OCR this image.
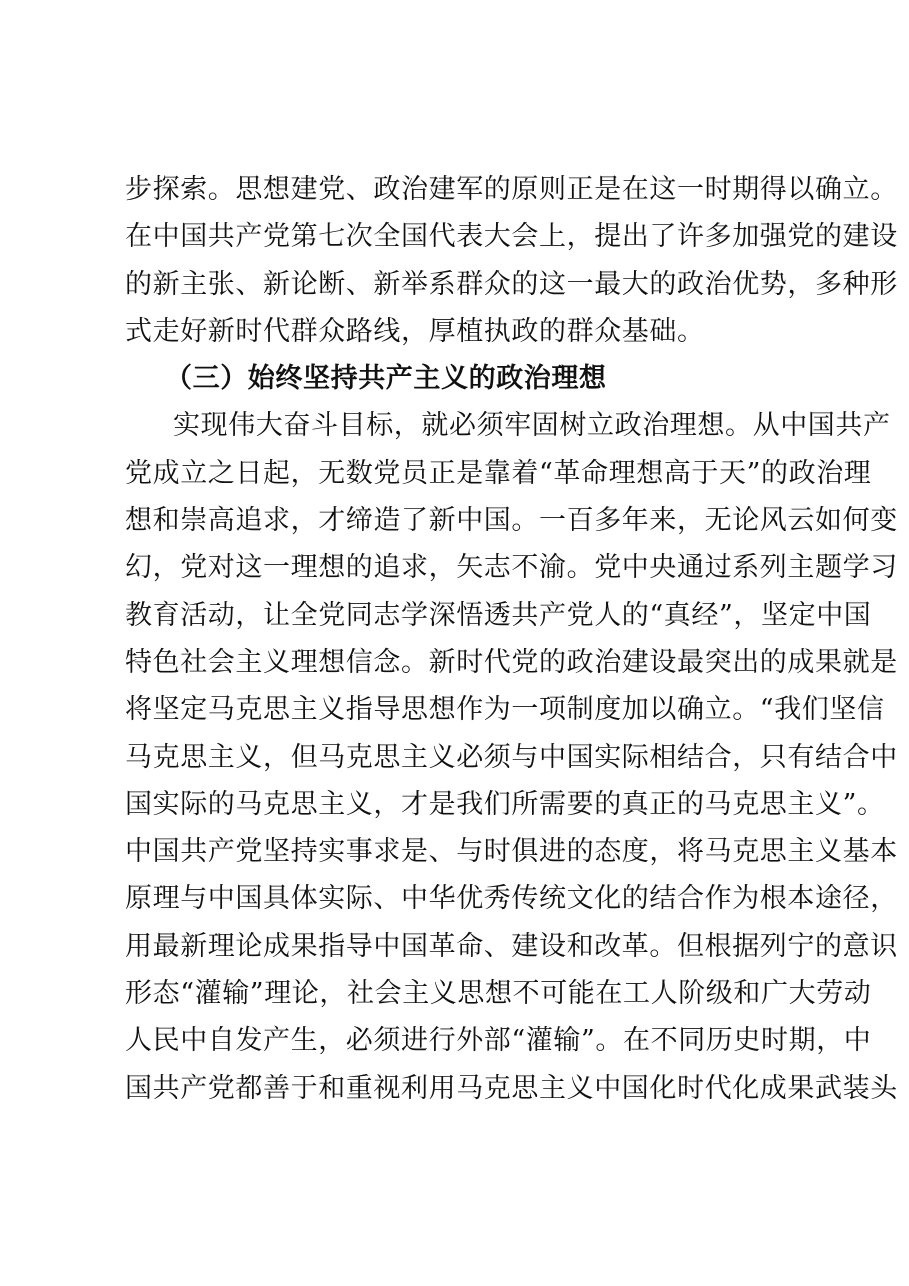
步探索。思想建党、政治建军的原则正是在这一时期得以确立。
在中国共产党第七次全国代表大会上，提出了许多加强党的建设
的新主张、新论断、新举系群众的这一最大的政治优势，多种形
式走好新时代群众路线，厚植执政的群众基础。
（三）始终坚持共产主义的政治理想
实现伟大奋斗目标，就必须牢固树立政治理想。从中国共产
党成立之日起，无数党员正是靠着“革命理想高于天”的政治理
想和崇高追求，才缔造了新中国。一百多年来，无论风云如何变
幻，党对这一理想的追求，矢志不渝。党中央通过系列主题学习
教育活动，让全党同志学深悟透共产党人的“真经”，坚定中国
特色社会主义理想信念。新时代党的政治建设最突出的成果就是
将坚定马克思主义指导思想作为一项制度加以确立。“我们坚信
马克思主义，但马克思主义必须与中国实际相结合，只有结合中
国实际的马克思主义，才是我们所需要的真正的马克思主义”。
中国共产党坚持实事求是、与时俱进的态度，将马克思主义基本
原理与中国具体实际、中华优秀传统文化的结合作为根本途径，
用最新理论成果指导中国革命、建设和改革。但根据列宁的意识
形态“灌输”理论，社会主义思想不可能在工人阶级和广大劳动
人民中自发产生，必须进行外部“灌输”。在不同历史时期，中
国共产党都善于和重视利用马克思主义中国化时代化成果武装头
